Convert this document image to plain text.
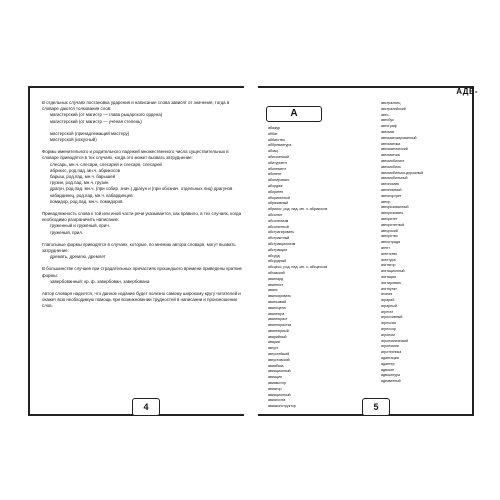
В отдельных случаях постановка ударения и написание слова зависят от значения, тогда в словаре даются толкования слов:

магистерский (от магистр — глава рыцарского ордена)

магистерский (от магистр — учёная степень)

мастерской (принадлежащий мастеру)

мастерской (искусный)

Формы именительного и родительного падежей множественного числа существительных в словаре приводятся в тех случаях, когда это может вызвать затруднение:

слесарь, мн.ч. слесари, слесарей и слесаря, слесарей

абрикос, род.пад. мн.ч. абрикосов

барыш, род.пад. мн.ч. барышей

грузин, род.пад. мн.ч. грузин

драгун, род.пад. мн.ч. (при собир. знач.) драгун и (при обознач. отдельных лиц) драгунов

кабардинец, род.пад. мн.ч. кабардинцев

помидор, род.пад. мн.ч. помидоров

Принадлежность слова к той или иной части речи указывается, как правило, в тех случаях, когда необходимо разграничить написание:

груженный и гружёный, прич.

груженый, прил.

Глагольные формы приводятся в случаях, которые, по мнению автора словаря, могут вызвать затруднение:

дремать, дремлю, дремлет

В большинстве случаев при страдательных причастиях прошедшего времени приведены краткие формы:

завербованный; кр. ф. завербован, завербована

Автор словаря надеется, что данное издание будет полезно самому широкому кругу читателей и окажет всю необходимую помощь при возникновении трудностей в написании и произношении слов.

4
АДЕ-
А
абажур
аббат
аббатство
аббревиатура
абзац
абиссинский
абитуриент
абонемент
абонент
абонировать
абордаж
абориген
аборигенный
абразивный
абрикос, род. пад. мн. ч. абрикосов
абсолют
абсолютизм
абсолютный
абстрагировать
абстрактный
абстракционизм
абстракция
абсурд
абсурдный
абсцесс, род. пад. мн. ч. абсцессов
абхазский
авангард
аванпост
аванс
авансировать
авансовый
авансцена
авантюра
авантюрист
авантюристка
авантюрный
аварийный
авария
август
августейший
августовский
авиабаза
авиационный
авиация
авиамотор
авиатор
авиационный
авиапочта
авиаконструктор
австралиец
австралийский
авто...
автобус
автограф
автомат
автоматизированный
автоматика
автоматический
автоматчик
автомобилист
автомобиль
автомобильно-дорожный
автомобильный
автономия
автономный
автопортрет
автор
авторизованный
авторизовать
авторитет
авторитетный
авторский
авторство
автострада
агент
агентство
агентура
агитатор
агитационный
агитация
агитировать
агитпункт
агония
аграрий
аграрный
агрегат
агрессивный
агрессия
агрессор
агроном
агрономический
агрономия
агротехника
адаптация
адаптер
адвокат
адвокатура
адекватный
5
